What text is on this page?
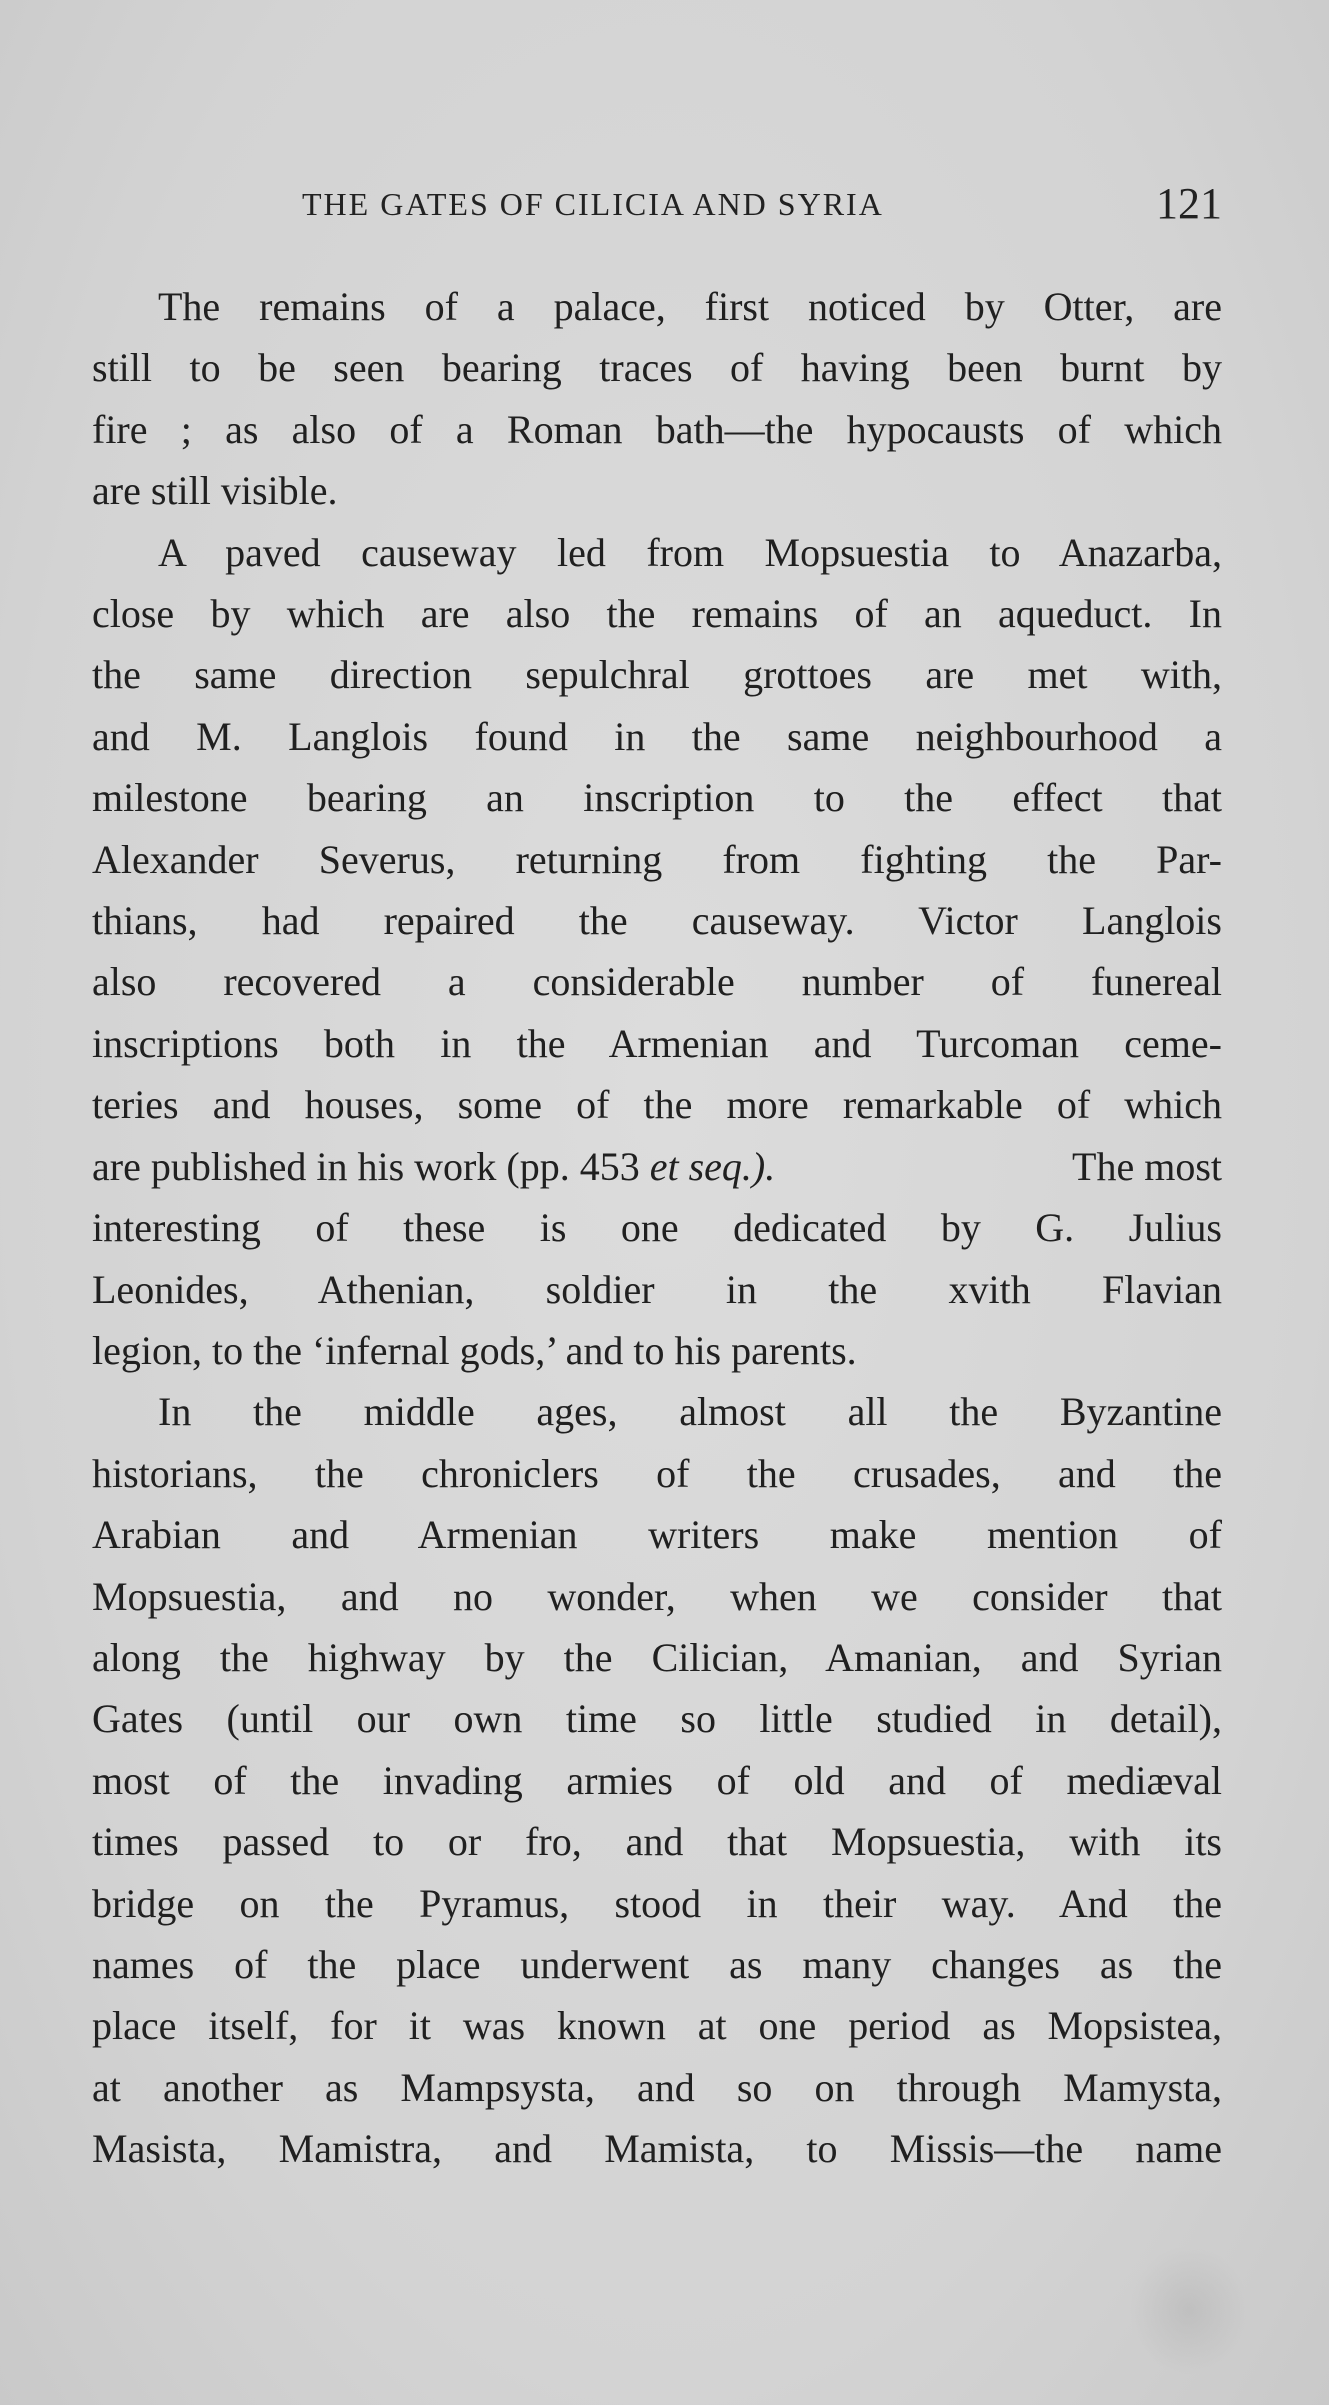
THE GATES OF CILICIA AND SYRIA	121
The remains of a palace, first noticed by Otter, are
still to be seen bearing traces of having been burnt by
fire ; as also of a Roman bath—the hypocausts of which
are still visible.
A paved causeway led from Mopsuestia to Anazarba,
close by which are also the remains of an aqueduct. In
the same direction sepulchral grottoes are met with,
and M. Langlois found in the same neighbourhood a
milestone bearing an inscription to the effect that
Alexander Severus, returning from fighting the Par-
thians, had repaired the causeway. Victor Langlois
also recovered a considerable number of funereal
inscriptions both in the Armenian and Turcoman ceme-
teries and houses, some of the more remarkable of which
are published in his work (pp. 453 et seq.).	The most
interesting of these is one dedicated by G. Julius
Leonides, Athenian, soldier in the xvith Flavian
legion, to the ‘infernal gods,’ and to his parents.
In the middle ages, almost all the Byzantine
historians, the chroniclers of the crusades, and the
Arabian and Armenian writers make mention of
Mopsuestia, and no wonder, when we consider that
along the highway by the Cilician, Amanian, and Syrian
Gates (until our own time so little studied in detail),
most of the invading armies of old and of mediæval
times passed to or fro, and that Mopsuestia, with its
bridge on the Pyramus, stood in their way. And the
names of the place underwent as many changes as the
place itself, for it was known at one period as Mopsistea,
at another as Mampsysta, and so on through Mamysta,
Masista, Mamistra, and Mamista, to Missis—the name
